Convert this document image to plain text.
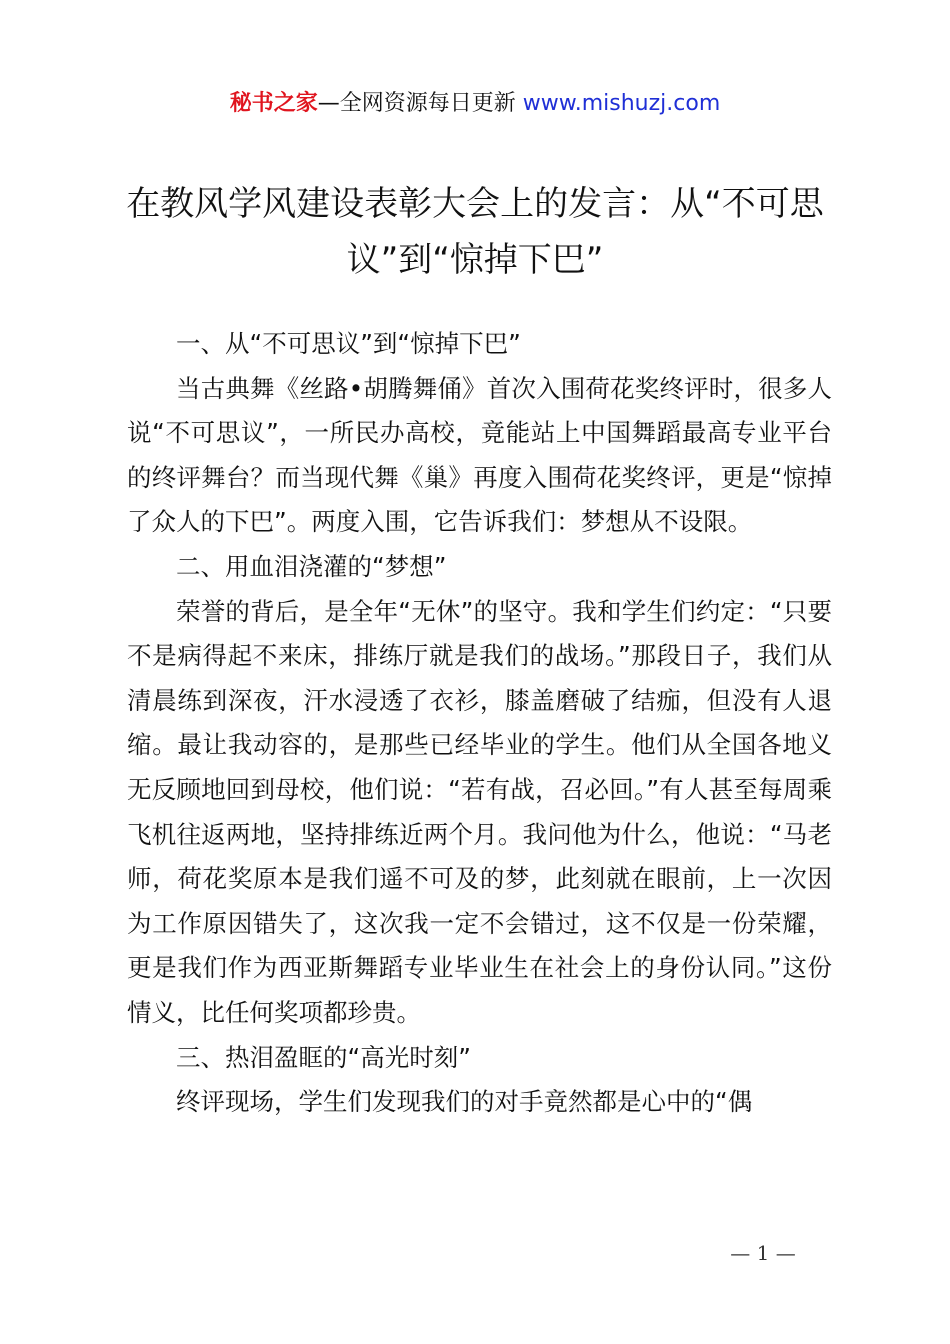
秘书之家—全网资源每日更新 www.mishuzj.com
在教风学风建设表彰大会上的发言：从“不可思议”到“惊掉下巴”

一、从“不可思议”到“惊掉下巴”

当古典舞《丝路•胡腾舞俑》首次入围荷花奖终评时，很多人说“不可思议”，一所民办高校，竟能站上中国舞蹈最高专业平台的终评舞台？而当现代舞《巢》再度入围荷花奖终评，更是“惊掉了众人的下巴”。两度入围，它告诉我们：梦想从不设限。

二、用血泪浇灌的“梦想”

荣誉的背后，是全年“无休”的坚守。我和学生们约定：“只要不是病得起不来床，排练厅就是我们的战场。”那段日子，我们从清晨练到深夜，汗水浸透了衣衫，膝盖磨破了结痂，但没有人退缩。最让我动容的，是那些已经毕业的学生。他们从全国各地义无反顾地回到母校，他们说：“若有战，召必回。”有人甚至每周乘飞机往返两地，坚持排练近两个月。我问他为什么，他说：“马老师，荷花奖原本是我们遥不可及的梦，此刻就在眼前，上一次因为工作原因错失了，这次我一定不会错过，这不仅是一份荣耀，更是我们作为西亚斯舞蹈专业毕业生在社会上的身份认同。”这份情义，比任何奖项都珍贵。

三、热泪盈眶的“高光时刻”

终评现场，学生们发现我们的对手竟然都是心中的“偶

— 1 —
